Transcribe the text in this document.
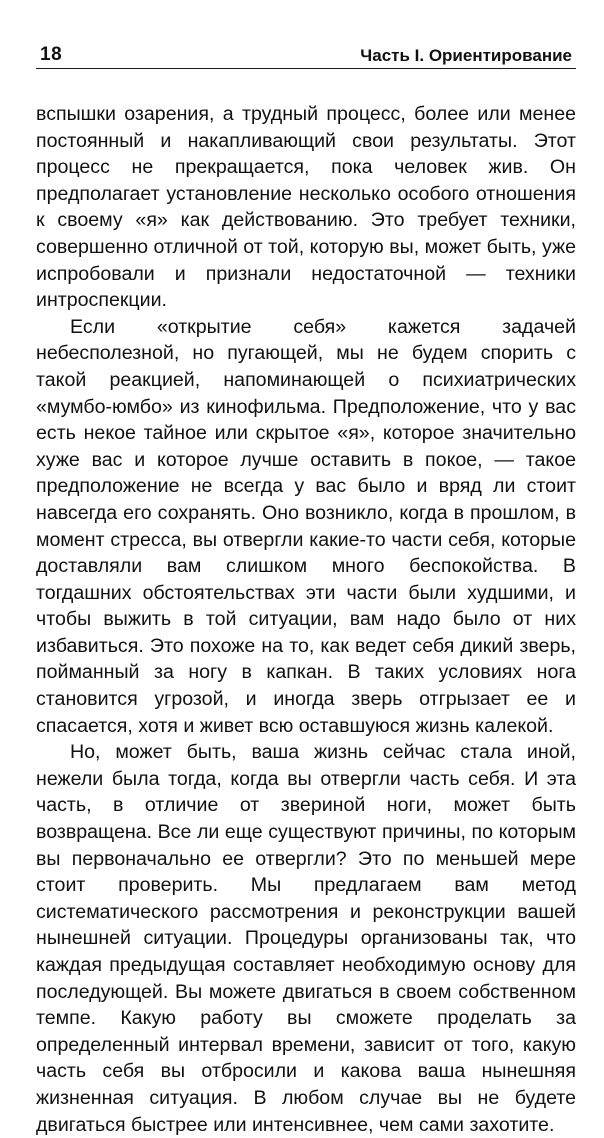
18	Часть I. Ориентирование

вспышки озарения, а трудный процесс, более или менее постоянный и накапливающий свои результаты. Этот процесс не прекращается, пока человек жив. Он предполагает установление несколько особого отношения к своему «я» как действованию. Это требует техники, совершенно отличной от той, которую вы, может быть, уже испробовали и признали недостаточной — техники интроспекции.

Если «открытие себя» кажется задачей небесполезной, но пугающей, мы не будем спорить с такой реакцией, напоминающей о психиатрических «мумбо-юмбо» из кинофильма. Предположение, что у вас есть некое тайное или скрытое «я», которое значительно хуже вас и которое лучше оставить в покое, — такое предположение не всегда у вас было и вряд ли стоит навсегда его сохранять. Оно возникло, когда в прошлом, в момент стресса, вы отвергли какие-то части себя, которые доставляли вам слишком много беспокойства. В тогдашних обстоятельствах эти части были худшими, и чтобы выжить в той ситуации, вам надо было от них избавиться. Это похоже на то, как ведет себя дикий зверь, пойманный за ногу в капкан. В таких условиях нога становится угрозой, и иногда зверь отгрызает ее и спасается, хотя и живет всю оставшуюся жизнь калекой.

Но, может быть, ваша жизнь сейчас стала иной, нежели была тогда, когда вы отвергли часть себя. И эта часть, в отличие от звериной ноги, может быть возвращена. Все ли еще существуют причины, по которым вы первоначально ее отвергли? Это по меньшей мере стоит проверить. Мы предлагаем вам метод систематического рассмотрения и реконструкции вашей нынешней ситуации. Процедуры организованы так, что каждая предыдущая составляет необходимую основу для последующей. Вы можете двигаться в своем собственном темпе. Какую работу вы сможете проделать за определенный интервал времени, зависит от того, какую часть себя вы отбросили и какова ваша нынешняя жизненная ситуация. В любом случае вы не будете двигаться быстрее или интенсивнее, чем сами захотите.
